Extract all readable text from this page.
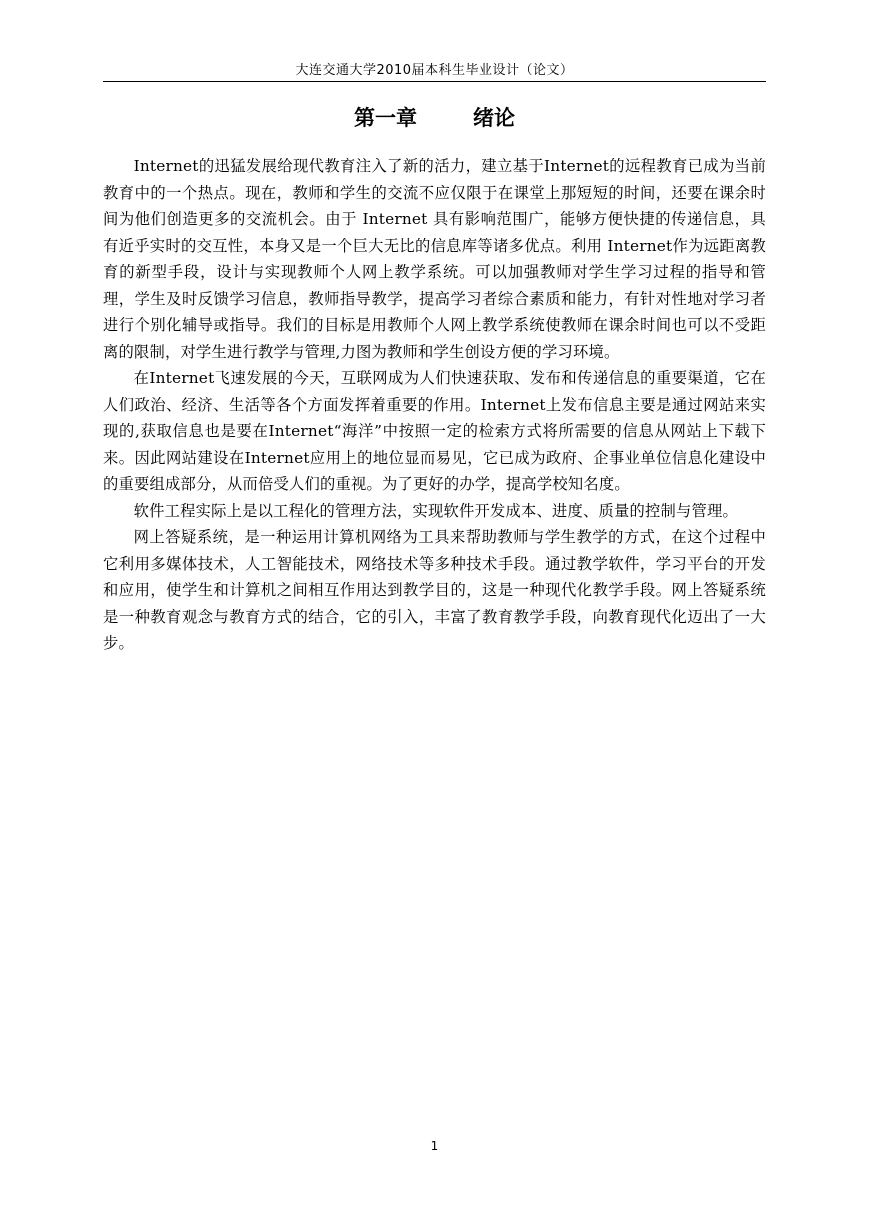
大连交通大学2010届本科生毕业设计（论文）
第一章	绪论

Internet的迅猛发展给现代教育注入了新的活力，建立基于Internet的远程教育已成为当前教育中的一个热点。现在，教师和学生的交流不应仅限于在课堂上那短短的时间，还要在课余时间为他们创造更多的交流机会。由于 Internet 具有影响范围广，能够方便快捷的传递信息，具有近乎实时的交互性，本身又是一个巨大无比的信息库等诸多优点。利用 Internet作为远距离教育的新型手段，设计与实现教师个人网上教学系统。可以加强教师对学生学习过程的指导和管理，学生及时反馈学习信息，教师指导教学，提高学习者综合素质和能力，有针对性地对学习者进行个别化辅导或指导。我们的目标是用教师个人网上教学系统使教师在课余时间也可以不受距离的限制，对学生进行教学与管理,力图为教师和学生创设方便的学习环境。

在Internet飞速发展的今天，互联网成为人们快速获取、发布和传递信息的重要渠道，它在人们政治、经济、生活等各个方面发挥着重要的作用。Internet上发布信息主要是通过网站来实现的,获取信息也是要在Internet“海洋”中按照一定的检索方式将所需要的信息从网站上下载下来。因此网站建设在Internet应用上的地位显而易见，它已成为政府、企事业单位信息化建设中的重要组成部分，从而倍受人们的重视。为了更好的办学，提高学校知名度。

软件工程实际上是以工程化的管理方法，实现软件开发成本、进度、质量的控制与管理。

网上答疑系统，是一种运用计算机网络为工具来帮助教师与学生教学的方式，在这个过程中它利用多媒体技术，人工智能技术，网络技术等多种技术手段。通过教学软件，学习平台的开发和应用，使学生和计算机之间相互作用达到教学目的，这是一种现代化教学手段。网上答疑系统是一种教育观念与教育方式的结合，它的引入，丰富了教育教学手段，向教育现代化迈出了一大步。

1
